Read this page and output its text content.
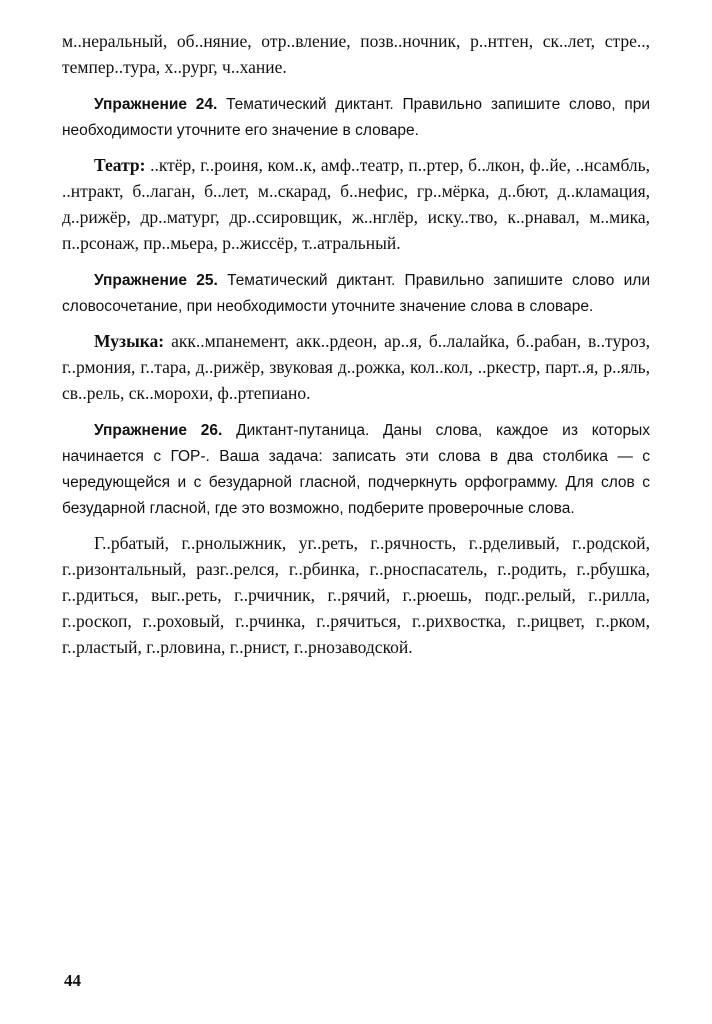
м..неральный, об..няние, отр..вление, позв..ночник, р..нтген, ск..лет, стре.., темпер..тура, х..рург, ч..хание.

Упражнение 24. Тематический диктант. Правильно запишите слово, при необходимости уточните его значение в словаре.

Театр: ..ктёр, г..роиня, ком..к, амф..театр, п..ртер, б..лкон, ф..йе, ..нсамбль, ..нтракт, б..лаган, б..лет, м..скарад, б..нефис, гр..мёрка, д..бют, д..кламация, д..рижёр, др..матург, др..ссировщик, ж..нглёр, иску..тво, к..рнавал, м..мика, п..рсонаж, пр..мьера, р..жиссёр, т..атральный.

Упражнение 25. Тематический диктант. Правильно запишите слово или словосочетание, при необходимости уточните значение слова в словаре.

Музыка: акк..мпанемент, акк..рдеон, ар..я, б..лалайка, б..рабан, в..туроз, г..рмония, г..тара, д..рижёр, звуковая д..рожка, кол..кол, ..ркестр, парт..я, р..яль, св..рель, ск..морохи, ф..ртепиано.

Упражнение 26. Диктант-путаница. Даны слова, каждое из которых начинается с ГОР-. Ваша задача: записать эти слова в два столбика — с чередующейся и с безударной гласной, подчеркнуть орфограмму. Для слов с безударной гласной, где это возможно, подберите проверочные слова.

Г..рбатый, г..рнолыжник, уг..реть, г..рячность, г..рделивый, г..родской, г..ризонтальный, разг..релся, г..рбинка, г..рноспасатель, г..родить, г..рбушка, г..рдиться, выг..реть, г..рчичник, г..рячий, г..рюешь, подг..релый, г..рилла, г..роскоп, г..роховый, г..рчинка, г..рячиться, г..рихвостка, г..рицвет, г..рком, г..рластый, г..рловина, г..рнист, г..рнозаводской.

44
